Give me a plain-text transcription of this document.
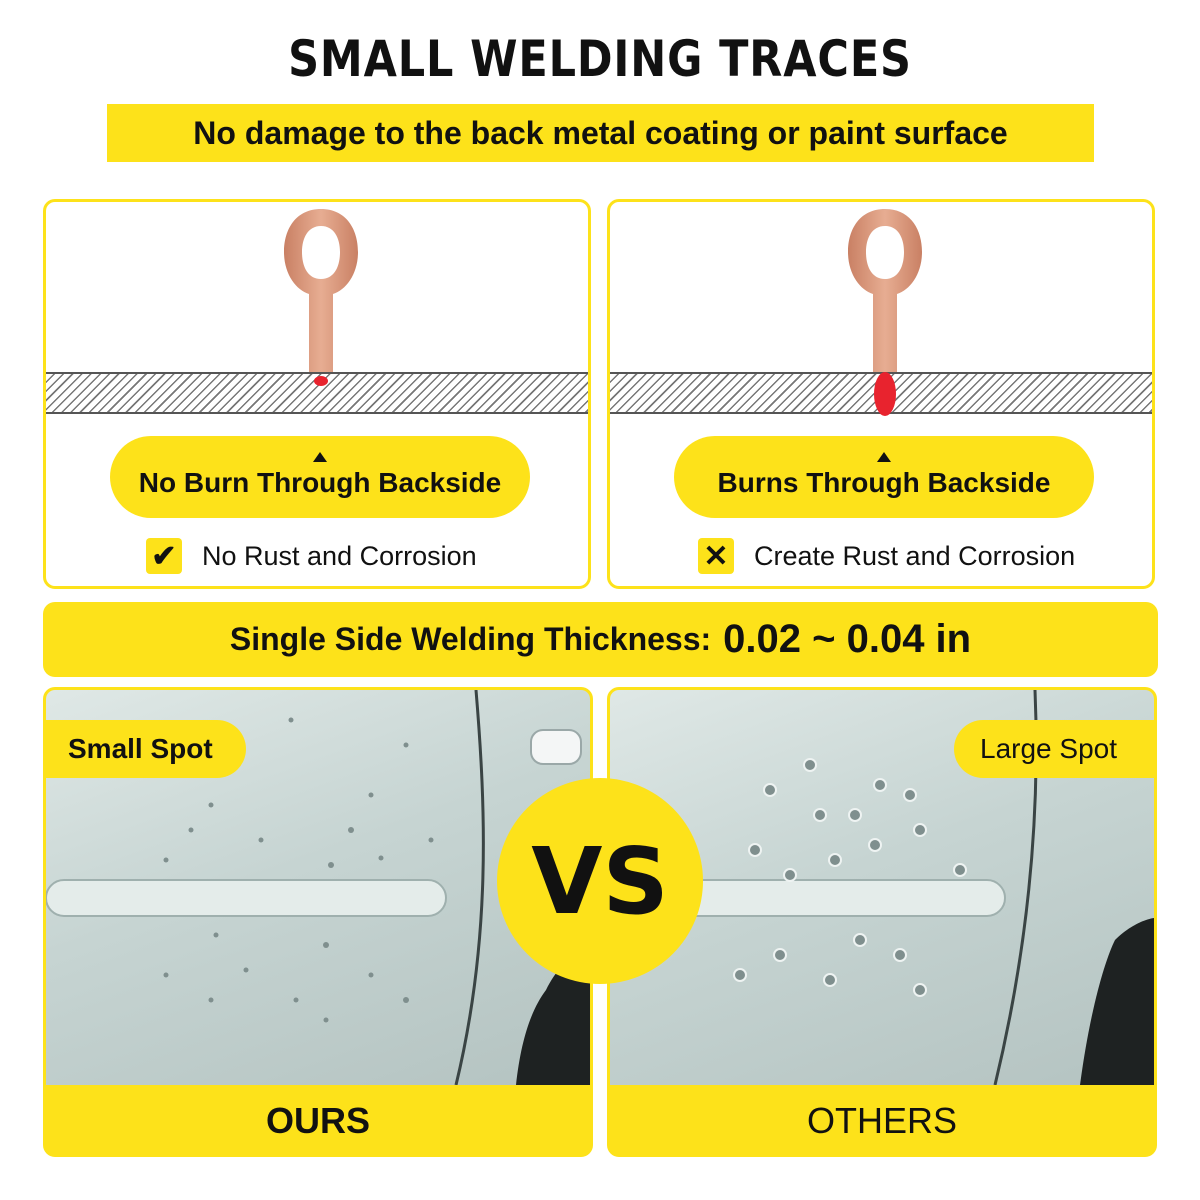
SMALL WELDING TRACES
No damage to the back metal coating or paint surface
No Burn Through Backside
✔ No Rust and Corrosion
Burns Through Backside
✕ Create Rust and Corrosion
Single Side Welding Thickness: 0.02 ~ 0.04 in
Small Spot
OURS
Large Spot
OTHERS
VS
